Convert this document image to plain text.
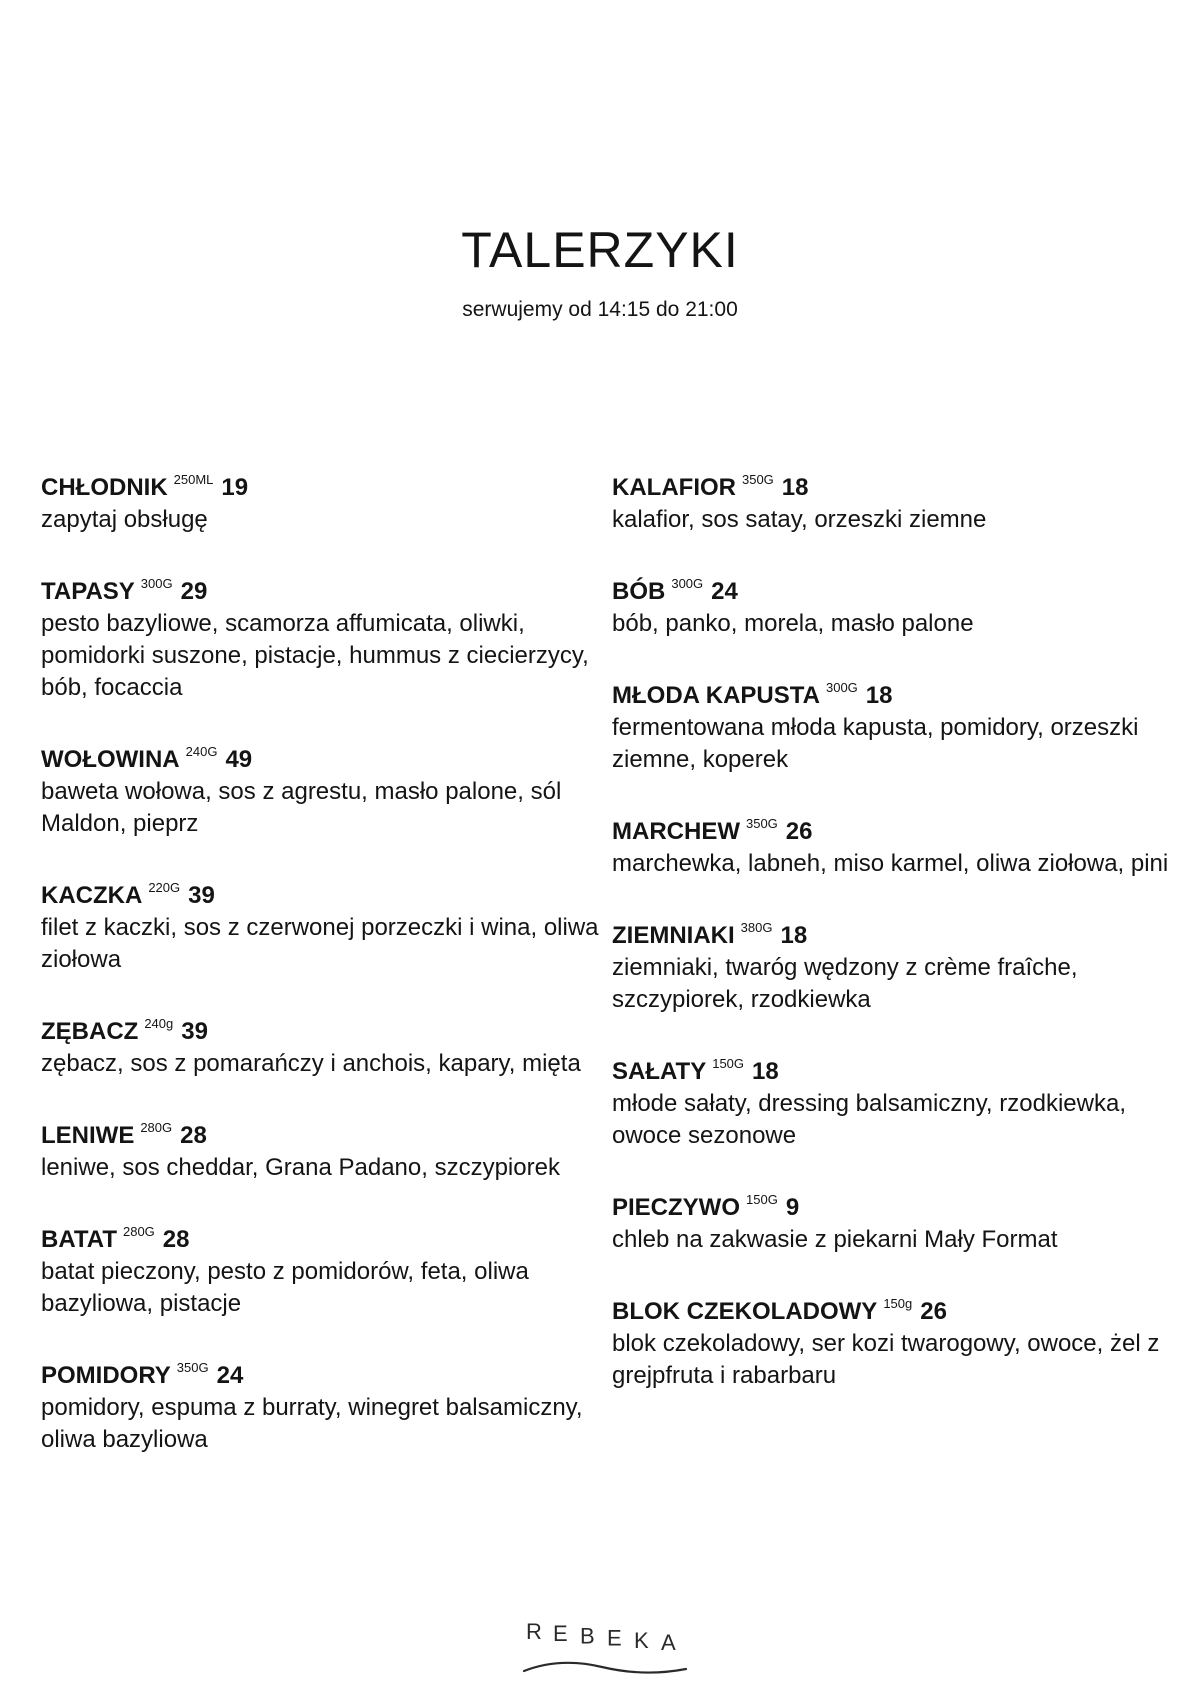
TALERZYKI
serwujemy od 14:15 do 21:00
CHŁODNIK $^{250ML}$ 19
zapytaj obsługę
TAPASY $^{300G}$ 29
pesto bazyliowe, scamorza affumicata, oliwki, pomidorki suszone, pistacje, hummus z ciecierzycy, bób, focaccia
WOŁOWINA $^{240G}$ 49
baweta wołowa, sos z agrestu, masło palone, sól Maldon, pieprz
KACZKA $^{220G}$ 39
filet z kaczki, sos z czerwonej porzeczki i wina, oliwa ziołowa
ZĘBACZ $^{240g}$ 39
zębacz, sos z pomarańczy i anchois, kapary, mięta
LENIWE $^{280G}$ 28
leniwe, sos cheddar, Grana Padano, szczypiorek
BATAT $^{280G}$ 28
batat pieczony, pesto z pomidorów, feta, oliwa bazyliowa, pistacje
POMIDORY $^{350G}$ 24
pomidory, espuma z burraty, winegret balsamiczny, oliwa bazyliowa
KALAFIOR $^{350G}$ 18
kalafior, sos satay, orzeszki ziemne
BÓB $^{300G}$ 24
bób, panko, morela, masło palone
MŁODA KAPUSTA $^{300G}$ 18
fermentowana młoda kapusta, pomidory, orzeszki ziemne, koperek
MARCHEW $^{350G}$ 26
marchewka, labneh, miso karmel, oliwa ziołowa, pini
ZIEMNIAKI $^{380G}$ 18
ziemniaki, twaróg wędzony z crème fraîche, szczypiorek, rzodkiewka
SAŁATY $^{150G}$ 18
młode sałaty, dressing balsamiczny, rzodkiewka, owoce sezonowe
PIECZYWO $^{150G}$ 9
chleb na zakwasie z piekarni Mały Format
BLOK CZEKOLADOWY $^{150g}$ 26
blok czekoladowy, ser kozi twarogowy, owoce, żel z grejpfruta i rabarbaru
R E B E K A
